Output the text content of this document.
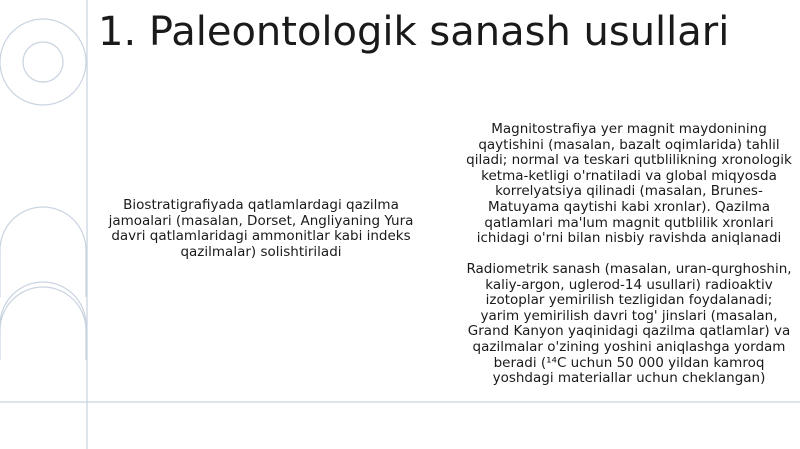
1. Paleontologik sanash usullari

Biostratigrafiyada qatlamlardagi qazilma jamoalari (masalan, Dorset, Angliyaning Yura davri qatlamlaridagi ammonitlar kabi indeks qazilmalar) solishtiriladi

Magnitostrafiya yer magnit maydonining qaytishini (masalan, bazalt oqimlarida) tahlil qiladi; normal va teskari qutblilikning xronologik ketma-ketligi o'rnatiladi va global miqyosda korrelyatsiya qilinadi (masalan, Brunes-Matuyama qaytishi kabi xronlar). Qazilma qatlamlari ma'lum magnit qutblilik xronlari ichidagi o'rni bilan nisbiy ravishda aniqlanadi

Radiometrik sanash (masalan, uran-qurghoshin, kaliy-argon, uglerod-14 usullari) radioaktiv izotoplar yemirilish tezligidan foydalanadi; yarim yemirilish davri tog' jinslari (masalan, Grand Kanyon yaqinidagi qazilma qatlamlar) va qazilmalar o'zining yoshini aniqlashga yordam beradi (¹⁴C uchun 50 000 yildan kamroq yoshdagi materiallar uchun cheklangan)
